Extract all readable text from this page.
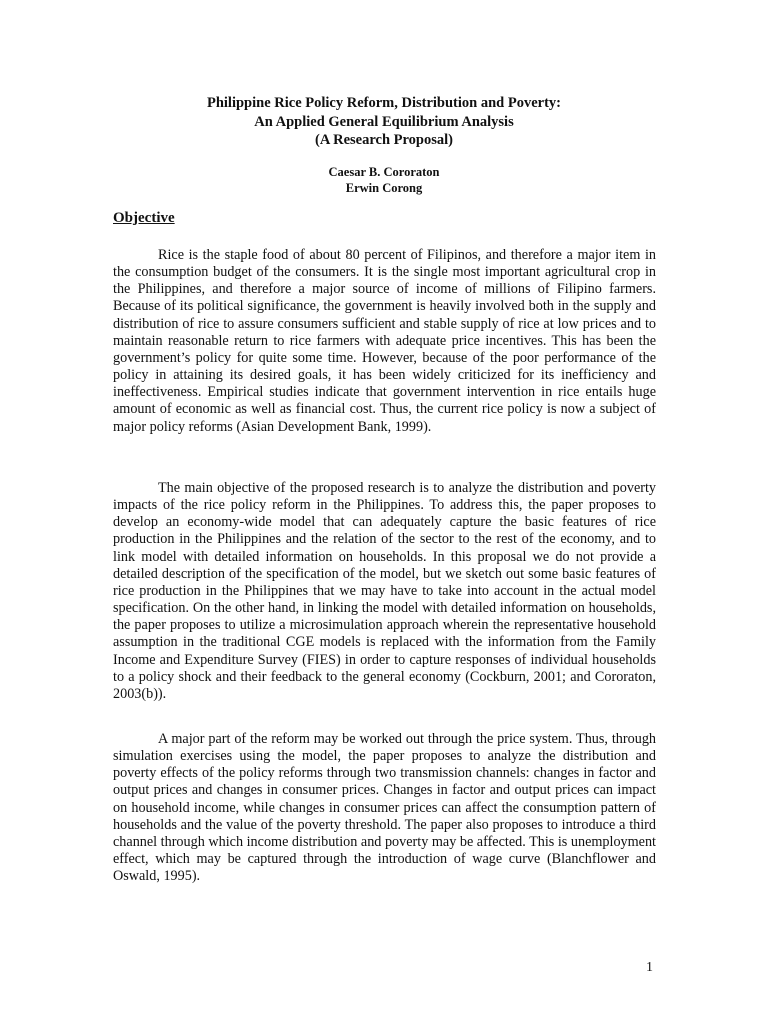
Philippine Rice Policy Reform, Distribution and Poverty:
An Applied General Equilibrium Analysis
(A Research Proposal)
Caesar B. Cororaton
Erwin Corong
Objective

Rice is the staple food of about 80 percent of Filipinos, and therefore a major item in the consumption budget of the consumers. It is the single most important agricultural crop in the Philippines, and therefore a major source of income of millions of Filipino farmers. Because of its political significance, the government is heavily involved both in the supply and distribution of rice to assure consumers sufficient and stable supply of rice at low prices and to maintain reasonable return to rice farmers with adequate price incentives. This has been the government’s policy for quite some time. However, because of the poor performance of the policy in attaining its desired goals, it has been widely criticized for its inefficiency and ineffectiveness. Empirical studies indicate that government intervention in rice entails huge amount of economic as well as financial cost. Thus, the current rice policy is now a subject of major policy reforms (Asian Development Bank, 1999).

The main objective of the proposed research is to analyze the distribution and poverty impacts of the rice policy reform in the Philippines. To address this, the paper proposes to develop an economy-wide model that can adequately capture the basic features of rice production in the Philippines and the relation of the sector to the rest of the economy, and to link model with detailed information on households. In this proposal we do not provide a detailed description of the specification of the model, but we sketch out some basic features of rice production in the Philippines that we may have to take into account in the actual model specification. On the other hand, in linking the model with detailed information on households, the paper proposes to utilize a microsimulation approach wherein the representative household assumption in the traditional CGE models is replaced with the information from the Family Income and Expenditure Survey (FIES) in order to capture responses of individual households to a policy shock and their feedback to the general economy (Cockburn, 2001; and Cororaton, 2003(b)).

A major part of the reform may be worked out through the price system. Thus, through simulation exercises using the model, the paper proposes to analyze the distribution and poverty effects of the policy reforms through two transmission channels: changes in factor and output prices and changes in consumer prices. Changes in factor and output prices can impact on household income, while changes in consumer prices can affect the consumption pattern of households and the value of the poverty threshold. The paper also proposes to introduce a third channel through which income distribution and poverty may be affected. This is unemployment effect, which may be captured through the introduction of wage curve (Blanchflower and Oswald, 1995).

1
